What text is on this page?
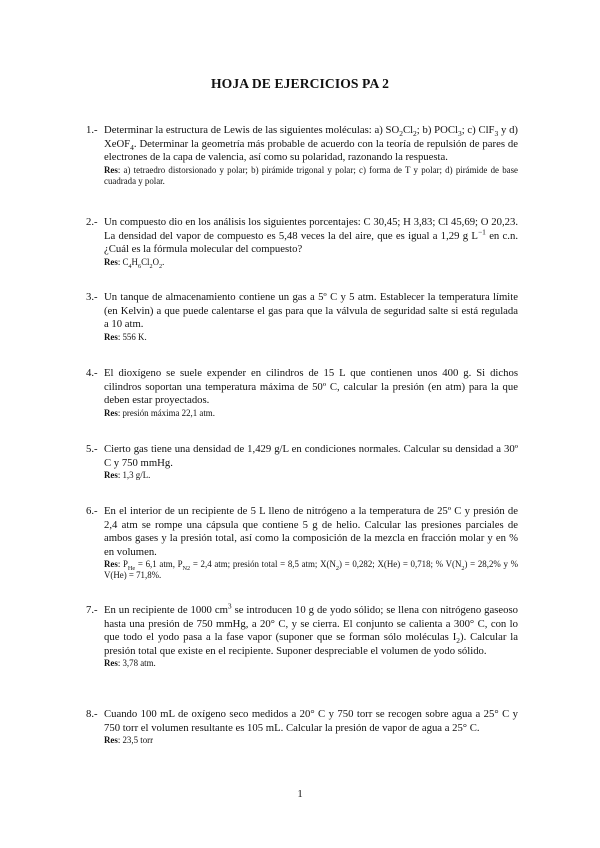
HOJA DE EJERCICIOS PA 2
1.- Determinar la estructura de Lewis de las siguientes moléculas: a) $SO_2Cl_2$; b) POCl$_3$; c) ClF$_3$ y d) XeOF$_4$. Determinar la geometría más probable de acuerdo con la teoría de repulsión de pares de electrones de la capa de valencia, así como su polaridad, razonando la respuesta.
Res: a) tetraedro distorsionado y polar; b) pirámide trigonal y polar; c) forma de T y polar; d) pirámide de base cuadrada y polar.
2.- Un compuesto dio en los análisis los siguientes porcentajes: C 30,45; H 3,83; Cl 45,69; O 20,23. La densidad del vapor de compuesto es 5,48 veces la del aire, que es igual a 1,29 g $L^{-1}$ en c.n. ¿Cuál es la fórmula molecular del compuesto?
Res: $C_4H_6Cl_2O_2$.
3.- Un tanque de almacenamiento contiene un gas a 5º C y 5 atm. Establecer la temperatura límite (en Kelvin) a que puede calentarse el gas para que la válvula de seguridad salte si está regulada a 10 atm.
Res: 556 K.
4.- El dioxígeno se suele expender en cilindros de 15 L que contienen unos 400 g. Si dichos cilindros soportan una temperatura máxima de 50º C, calcular la presión (en atm) para la que deben estar proyectados.
Res: presión máxima 22,1 atm.
5.- Cierto gas tiene una densidad de 1,429 g/L en condiciones normales. Calcular su densidad a 30º C y 750 mmHg.
Res: 1,3 g/L.
6.- En el interior de un recipiente de 5 L lleno de nitrógeno a la temperatura de 25º C y presión de 2,4 atm se rompe una cápsula que contiene 5 g de helio. Calcular las presiones parciales de ambos gases y la presión total, así como la composición de la mezcla en fracción molar y en % en volumen.
Res: $P_{He} = 6,1$ atm, $P_{N2} = 2,4$ atm; presión total = 8,5 atm; $X(N_2) = 0,282$; X(He) = 0,718; % $V(N_2) = 28,2\%$ y % V(He) = 71,8%.
7.- En un recipiente de 1000 $cm^3$ se introducen 10 g de yodo sólido; se llena con nitrógeno gaseoso hasta una presión de 750 mmHg, a 20° C, y se cierra. El conjunto se calienta a 300° C, con lo que todo el yodo pasa a la fase vapor (suponer que se forman sólo moléculas $I_2$). Calcular la presión total que existe en el recipiente. Suponer despreciable el volumen de yodo sólido.
Res: 3,78 atm.
8.- Cuando 100 mL de oxígeno seco medidos a 20° C y 750 torr se recogen sobre agua a 25° C y 750 torr el volumen resultante es 105 mL. Calcular la presión de vapor de agua a 25° C.
Res: 23,5 torr
1
